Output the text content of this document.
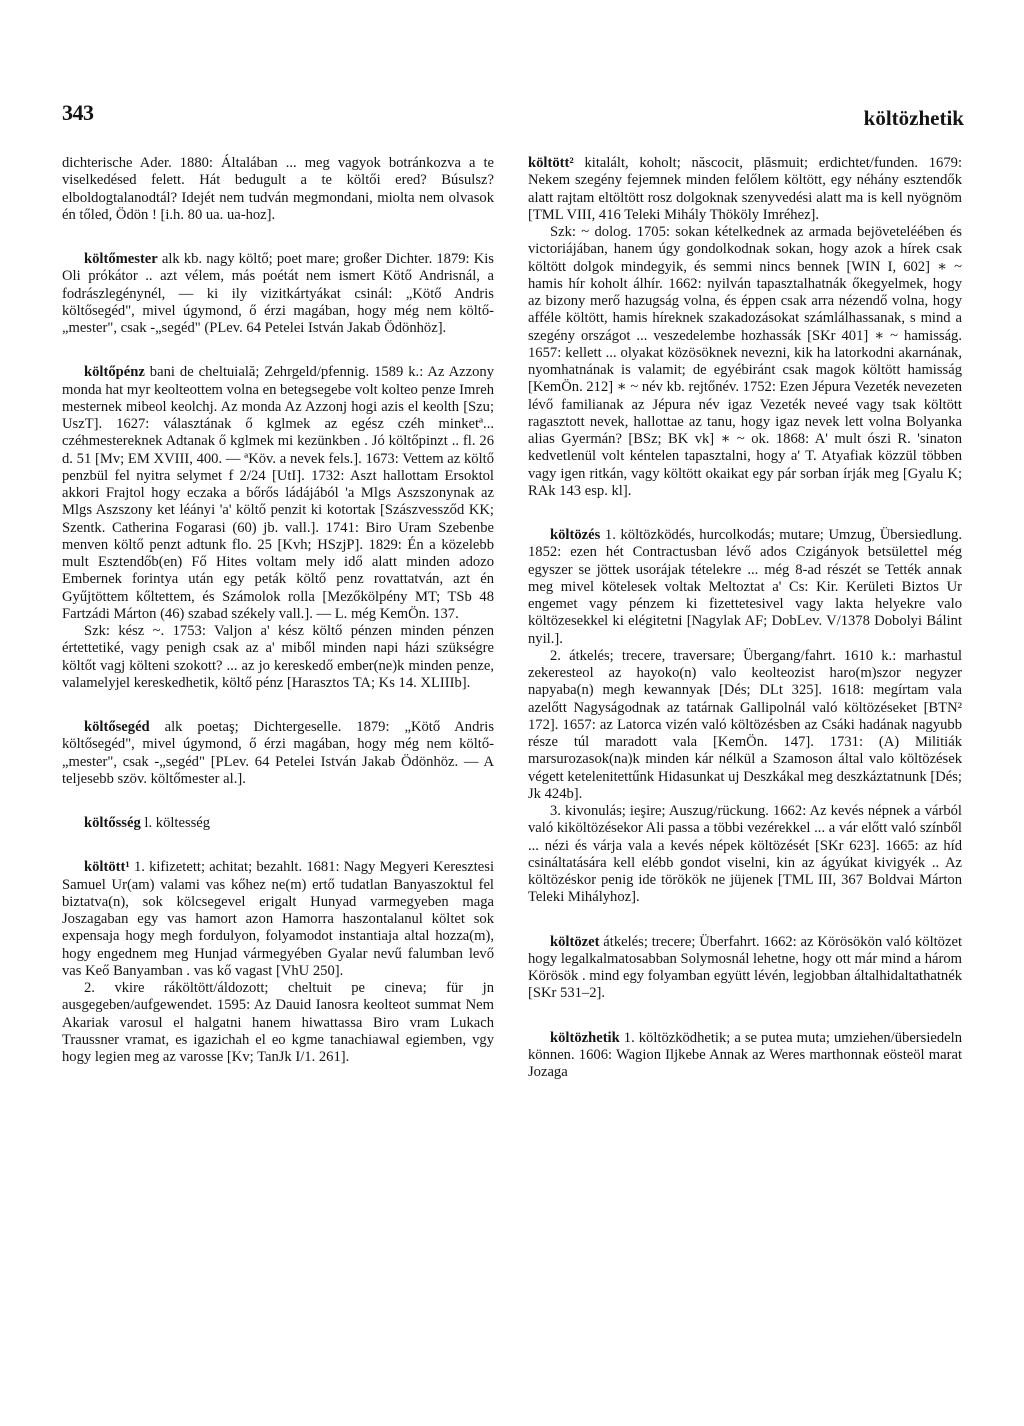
343	költözhetik

dichterische Ader. 1880: Általában ... meg vagyok botránkozva a te viselkedésed felett. Hát bedugult a te költői ered? Búsulsz? elboldogtalanodtál? Idejét nem tudván megmondani, miolta nem olvasok én tőled, Ödön ! [i.h. 80 ua. ua-hoz].

költőmester alk kb. nagy költő; poet mare; großer Dichter. 1879: Kis Oli prókátor .. azt vélem, más poétát nem ismert Kötő Andrisnál, a fodrászlegénynél, — ki ily vizitkártyákat csinál: „Kötő Andris költősegéd", mivel úgymond, ő érzi magában, hogy még nem költő-„mester", csak -„segéd" (PLev. 64 Petelei István Jakab Ödönhöz].

költőpénz bani de cheltuială; Zehrgeld/pfennig. 1589 k.: Az Azzony monda hat myr keolteottem volna en betegsegebe volt kolteo penze Imreh mesternek mibeol keolchj. Az monda Az Azzonj hogi azis el keolth [Szu; UszT]. 1627: választának ő kglmek az egész czéh minketª... czéhmestereknek Adtanak ő kglmek mi kezünkben . Jó költőpinzt .. fl. 26 d. 51 [Mv; EM XVIII, 400. — ªKöv. a nevek fels.]. 1673: Vettem az költő penzbül fel nyitra selymet f 2/24 [UtI]. 1732: Aszt hallottam Ersoktol akkori Frajtol hogy eczaka a bőrős ládájából 'a Mlgs Aszszonynak az Mlgs Aszszony ket léányi 'a' költő penzit ki kotortak [Szászvessződ KK; Szentk. Catherina Fogarasi (60) jb. vall.]. 1741: Biro Uram Szebenbe menven költő penzt adtunk flo. 25 [Kvh; HSzjP]. 1829: Én a közelebb mult Esztendőb(en) Fő Hites voltam mely idő alatt minden adozo Embernek forintya után egy peták költő penz rovattatván, azt én Gyűjtöttem kőltettem, és Számolok rolla [Mezőkölpény MT; TSb 48 Fartzádi Márton (46) szabad székely vall.]. — L. még KemÖn. 137.

Szk: kész ~. 1753: Valjon a' kész költő pénzen minden pénzen értettetiké, vagy penigh csak az a' miből minden napi házi szükségre költőt vagj költeni szokott? ... az jo kereskedő ember(ne)k minden penze, valamelyjel kereskedhetik, költő pénz [Harasztos TA; Ks 14. XLIIIb].

költősegéd alk poetaş; Dichtergeselle. 1879: „Kötő Andris költősegéd", mivel úgymond, ő érzi magában, hogy még nem költő-„mester", csak -„segéd" [PLev. 64 Petelei István Jakab Ödönhöz. — A teljesebb szöv. költőmester al.].

költősség l. költesség

költött¹ 1. kifizetett; achitat; bezahlt. 1681: Nagy Megyeri Keresztesi Samuel Ur(am) valami vas kőhez ne(m) ertő tudatlan Banyaszoktul fel biztatva(n), sok kölcsegevel erigalt Hunyad varmegyeben maga Joszagaban egy vas hamort azon Hamorra haszontalanul költet sok expensaja hogy megh fordulyon, folyamodot instantiaja altal hozza(m), hogy engednem meg Hunjad vármegyében Gyalar nevű falumban levő vas Keő Banyamban . vas kő vagast [VhU 250].

2. vkire ráköltött/áldozott; cheltuit pe cineva; für jn ausgegeben/aufgewendet. 1595: Az Dauid Ianosra keolteot summat Nem Akariak varosul el halgatni hanem hiwattassa Biro vram Lukach Traussner vramat, es igazichah el eo kgme tanachiawal egiemben, vgy hogy legien meg az varosse [Kv; TanJk I/1. 261].

költött² kitalált, koholt; născocit, plăsmuit; erdichtet/funden. 1679: Nekem szegény fejemnek minden felőlem költött, egy néhány esztendők alatt rajtam eltöltött rosz dolgoknak szenyvedési alatt ma is kell nyögnöm [TML VIII, 416 Teleki Mihály Thököly Imréhez].

Szk: ~ dolog. 1705: sokan kételkednek az armada bejöveteléében és victoriájában, hanem úgy gondolkodnak sokan, hogy azok a hírek csak költött dolgok mindegyik, és semmi nincs bennek [WIN I, 602] ∗ ~ hamis hír koholt álhír. 1662: nyilván tapasztalhatnák őkegyelmek, hogy az bizony merő hazugság volna, és éppen csak arra nézendő volna, hogy afféle költött, hamis híreknek szakadozásokat számlálhassanak, s mind a szegény országot ... veszedelembe hozhassák [SKr 401] ∗ ~ hamisság. 1657: kellett ... olyakat közösöknek nevezni, kik ha latorkodni akarnának, nyomhatnának is valamit; de egyébiránt csak magok költött hamisság [KemÖn. 212] ∗ ~ név kb. rejtőnév. 1752: Ezen Jépura Vezeték nevezeten lévő familianak az Jépura név igaz Vezeték neveé vagy tsak költött ragasztott nevek, hallottae az tanu, hogy igaz nevek lett volna Bolyanka alias Gyermán? [BSz; BK vk] ∗ ~ ok. 1868: A' mult ószi R. 'sinaton kedvetlenül volt kéntelen tapasztalni, hogy a' T. Atyafiak közzül többen vagy igen ritkán, vagy költött okaikat egy pár sorban írják meg [Gyalu K; RAk 143 esp. kl].

költözés 1. költözködés, hurcolkodás; mutare; Umzug, Übersiedlung. 1852: ezen hét Contractusban lévő ados Czigányok betsülettel még egyszer se jöttek usorájak tételekre ... még 8-ad részét se Tették annak meg mivel kötelesek voltak Meltoztat a' Cs: Kir. Kerületi Biztos Ur engemet vagy pénzem ki fizettetesivel vagy lakta helyekre valo költözesekkel ki elégitetni [Nagylak AF; DobLev. V/1378 Dobolyi Bálint nyil.].

2. átkelés; trecere, traversare; Übergang/fahrt. 1610 k.: marhastul zekeresteol az hayoko(n) valo keolteozist haro(m)szor negyzer napyaba(n) megh kewannyak [Dés; DLt 325]. 1618: megírtam vala azelőtt Nagyságodnak az tatárnak Gallipolnál való költözéseket [BTN² 172]. 1657: az Latorca vizén való költözésben az Csáki hadának nagyubb része túl maradott vala [KemÖn. 147]. 1731: (A) Militiák marsurozasok(na)k minden kár nélkül a Szamoson által valo költözések végett ketelenitettűnk Hidasunkat uj Deszkákal meg deszkáztatnunk [Dés; Jk 424b].

3. kivonulás; ieşire; Auszug/rückung. 1662: Az kevés népnek a várból való kiköltözésekor Ali passa a többi vezérekkel ... a vár előtt való színből ... nézi és várja vala a kevés népek költözését [SKr 623]. 1665: az híd csináltatására kell elébb gondot viselni, kin az ágyúkat kivigyék .. Az költözéskor penig ide törökök ne jüjenek [TML III, 367 Boldvai Márton Teleki Mihályhoz].

költözet átkelés; trecere; Überfahrt. 1662: az Körösökön való költözet hogy legalkalmatosabban Solymosnál lehetne, hogy ott már mind a három Körösök . mind egy folyamban együtt lévén, legjobban általhidaltathatnék [SKr 531–2].

költözhetik 1. költözködhetik; a se putea muta; umziehen/übersiedeln können. 1606: Wagion Iljkebe Annak az Weres marthonnak eösteöl marat Jozaga
